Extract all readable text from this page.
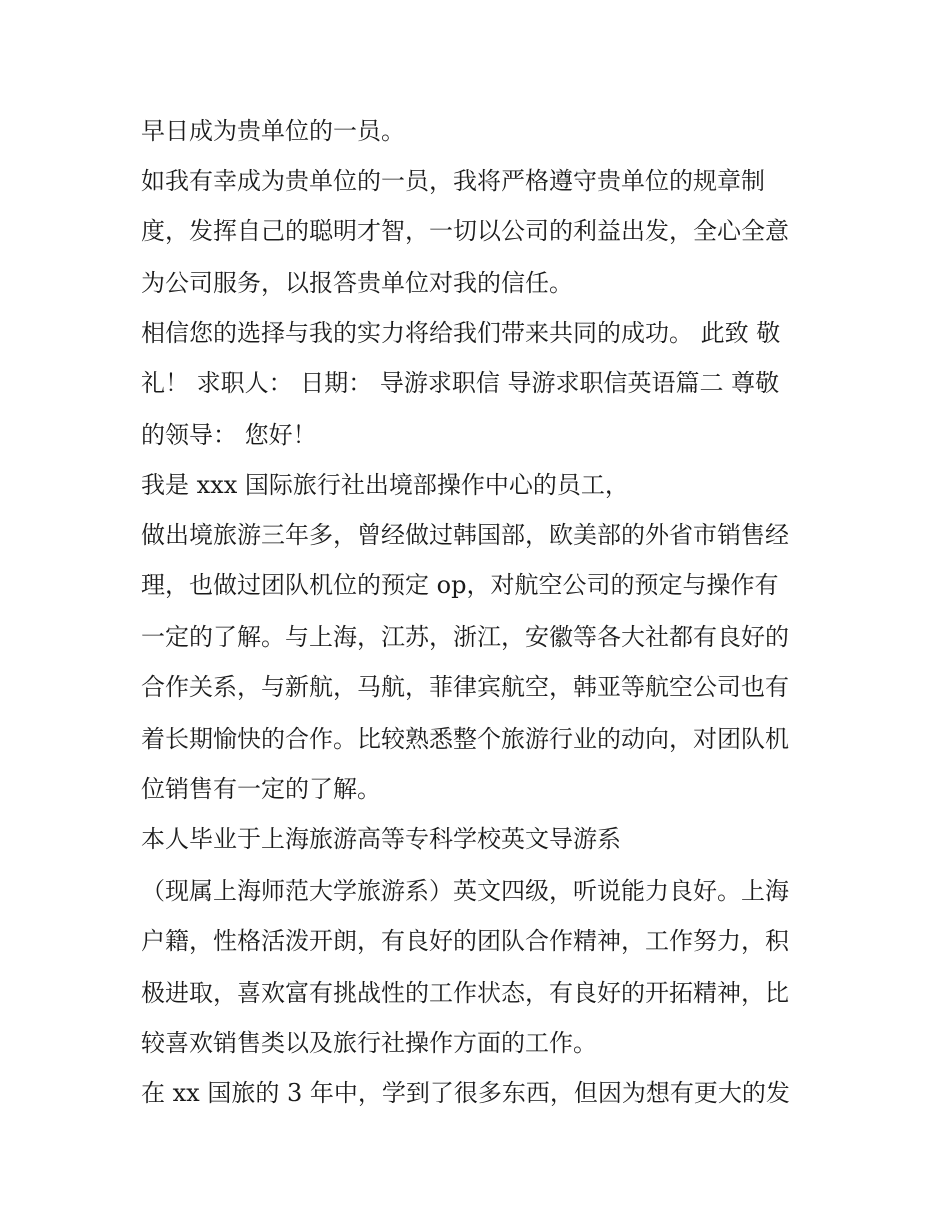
早日成为贵单位的一员。
如我有幸成为贵单位的一员，我将严格遵守贵单位的规章制
度，发挥自己的聪明才智，一切以公司的利益出发，全心全意
为公司服务，以报答贵单位对我的信任。
相信您的选择与我的实力将给我们带来共同的成功。 此致 敬
礼！ 求职人： 日期： 导游求职信 导游求职信英语篇二 尊敬
的领导： 您好！
我是 xxx 国际旅行社出境部操作中心的员工，
做出境旅游三年多，曾经做过韩国部，欧美部的外省市销售经
理，也做过团队机位的预定 op，对航空公司的预定与操作有
一定的了解。与上海，江苏，浙江，安徽等各大社都有良好的
合作关系，与新航，马航，菲律宾航空，韩亚等航空公司也有
着长期愉快的合作。比较熟悉整个旅游行业的动向，对团队机
位销售有一定的了解。
本人毕业于上海旅游高等专科学校英文导游系
（现属上海师范大学旅游系）英文四级，听说能力良好。上海
户籍，性格活泼开朗，有良好的团队合作精神，工作努力，积
极进取，喜欢富有挑战性的工作状态，有良好的开拓精神，比
较喜欢销售类以及旅行社操作方面的工作。
在 xx 国旅的 3 年中，学到了很多东西，但因为想有更大的发
